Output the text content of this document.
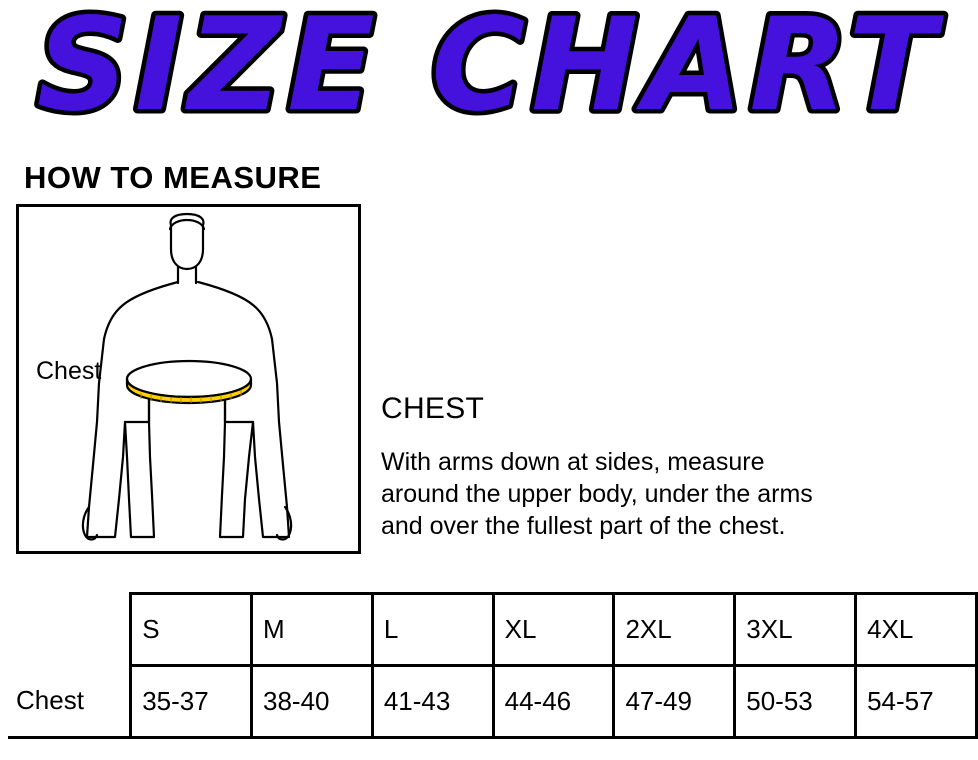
SIZE CHART
HOW TO MEASURE
Chest
CHEST
With arms down at sides, measure
around the upper body, under the arms
and over the fullest part of the chest.
	S	M	L	XL	2XL	3XL	4XL
Chest	35-37	38-40	41-43	44-46	47-49	50-53	54-57
